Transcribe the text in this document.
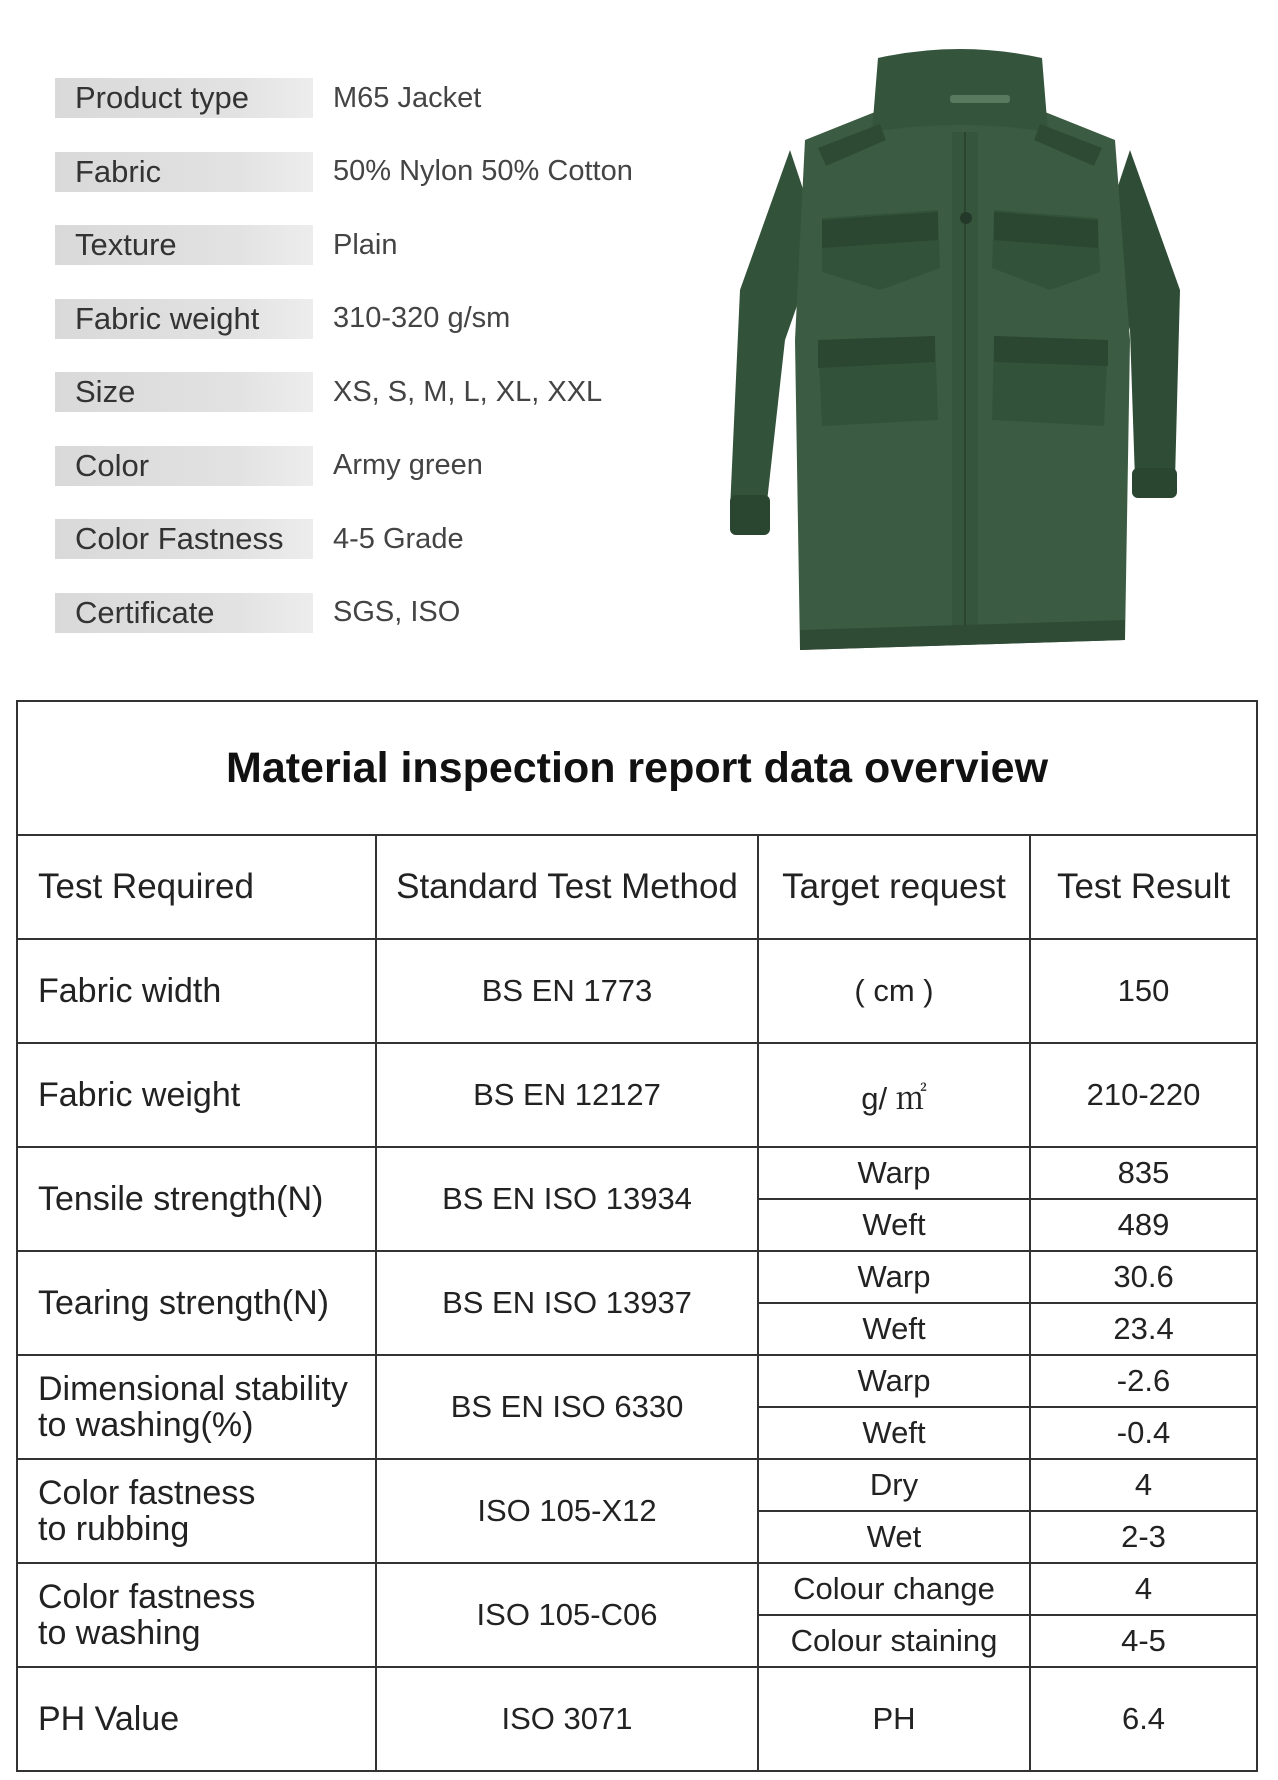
Product type	M65 Jacket
Fabric	50% Nylon 50% Cotton
Texture	Plain
Fabric weight	310-320 g/sm
Size	XS, S, M, L, XL, XXL
Color	Army green
Color Fastness	4-5 Grade
Certificate	SGS, ISO
Material inspection report data overview			
Test Required	Standard Test Method	Target request	Test Result
Fabric width	BS EN 1773	( cm )	150
Fabric weight	BS EN 12127	g/ ㎡	210-220
Tensile strength(N)	BS EN ISO 13934	Warp	835
		Weft	489
Tearing strength(N)	BS EN ISO 13937	Warp	30.6
		Weft	23.4
Dimensional stability
to washing(%)	BS EN ISO 6330	Warp	-2.6
		Weft	-0.4
Color fastness
to rubbing	ISO 105-X12	Dry	4
		Wet	2-3
Color fastness
to washing	ISO 105-C06	Colour change	4
		Colour staining	4-5
PH Value	ISO 3071	PH	6.4
